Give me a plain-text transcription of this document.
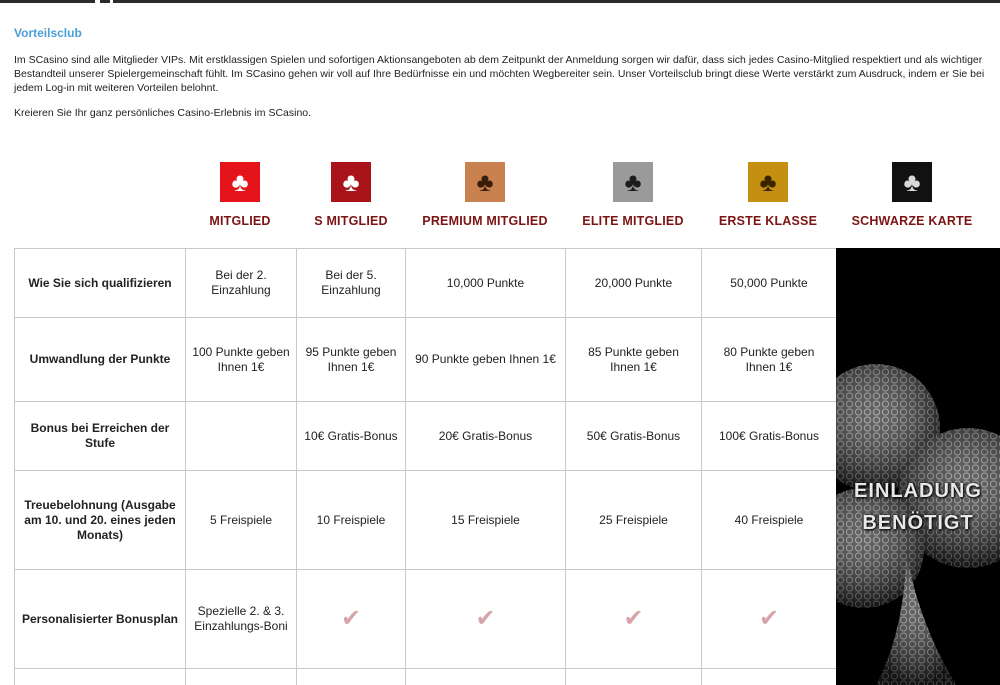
Vorteilsclub
Im SCasino sind alle Mitglieder VIPs. Mit erstklassigen Spielen und sofortigen Aktionsangeboten ab dem Zeitpunkt der Anmeldung sorgen wir dafür, dass sich jedes Casino-Mitglied respektiert und als wichtiger Bestandteil unserer Spielergemeinschaft fühlt. Im SCasino gehen wir voll auf Ihre Bedürfnisse ein und möchten Wegbereiter sein. Unser Vorteilsclub bringt diese Werte verstärkt zum Ausdruck, indem er Sie bei jedem Log-in mit weiteren Vorteilen belohnt.
Kreieren Sie Ihr ganz persönliches Casino-Erlebnis im SCasino.
♣
MITGLIED
♣
S MITGLIED
♣
PREMIUM MITGLIED
♣
ELITE MITGLIED
♣
ERSTE KLASSE
♣
SCHWARZE KARTE
Wie Sie sich qualifizieren	Bei der 2. Einzahlung	Bei der 5. Einzahlung	10,000 Punkte	20,000 Punkte	50,000 Punkte
Umwandlung der Punkte	100 Punkte geben Ihnen 1€	95 Punkte geben Ihnen 1€	90 Punkte geben Ihnen 1€	85 Punkte geben Ihnen 1€	80 Punkte geben Ihnen 1€
Bonus bei Erreichen der Stufe		10€ Gratis-Bonus	20€ Gratis-Bonus	50€ Gratis-Bonus	100€ Gratis-Bonus
Treuebelohnung (Ausgabe am 10. und 20. eines jeden Monats)	5 Freispiele	10 Freispiele	15 Freispiele	25 Freispiele	40 Freispiele
Personalisierter Bonusplan	Spezielle 2. & 3. Einzahlungs-Boni	✔	✔	✔	✔

EINLADUNG
BENÖTIGT
